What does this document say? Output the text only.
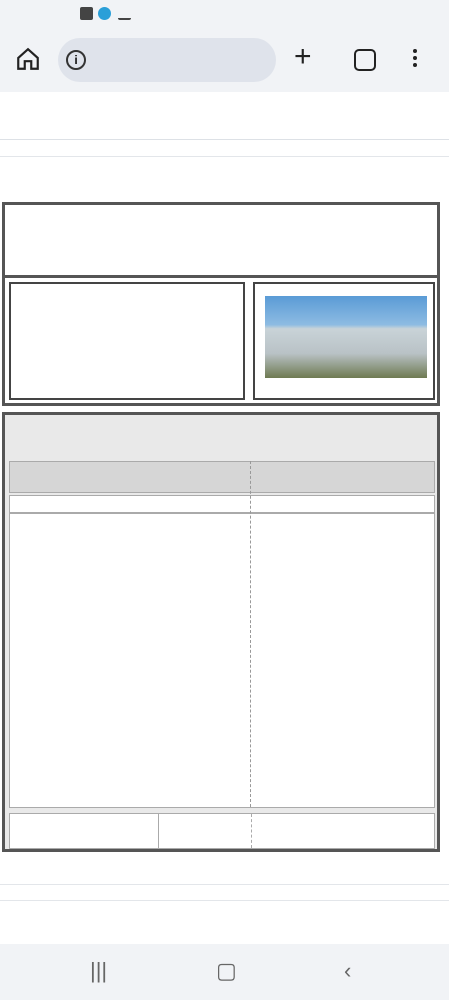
i	+

|||	▢	‹
